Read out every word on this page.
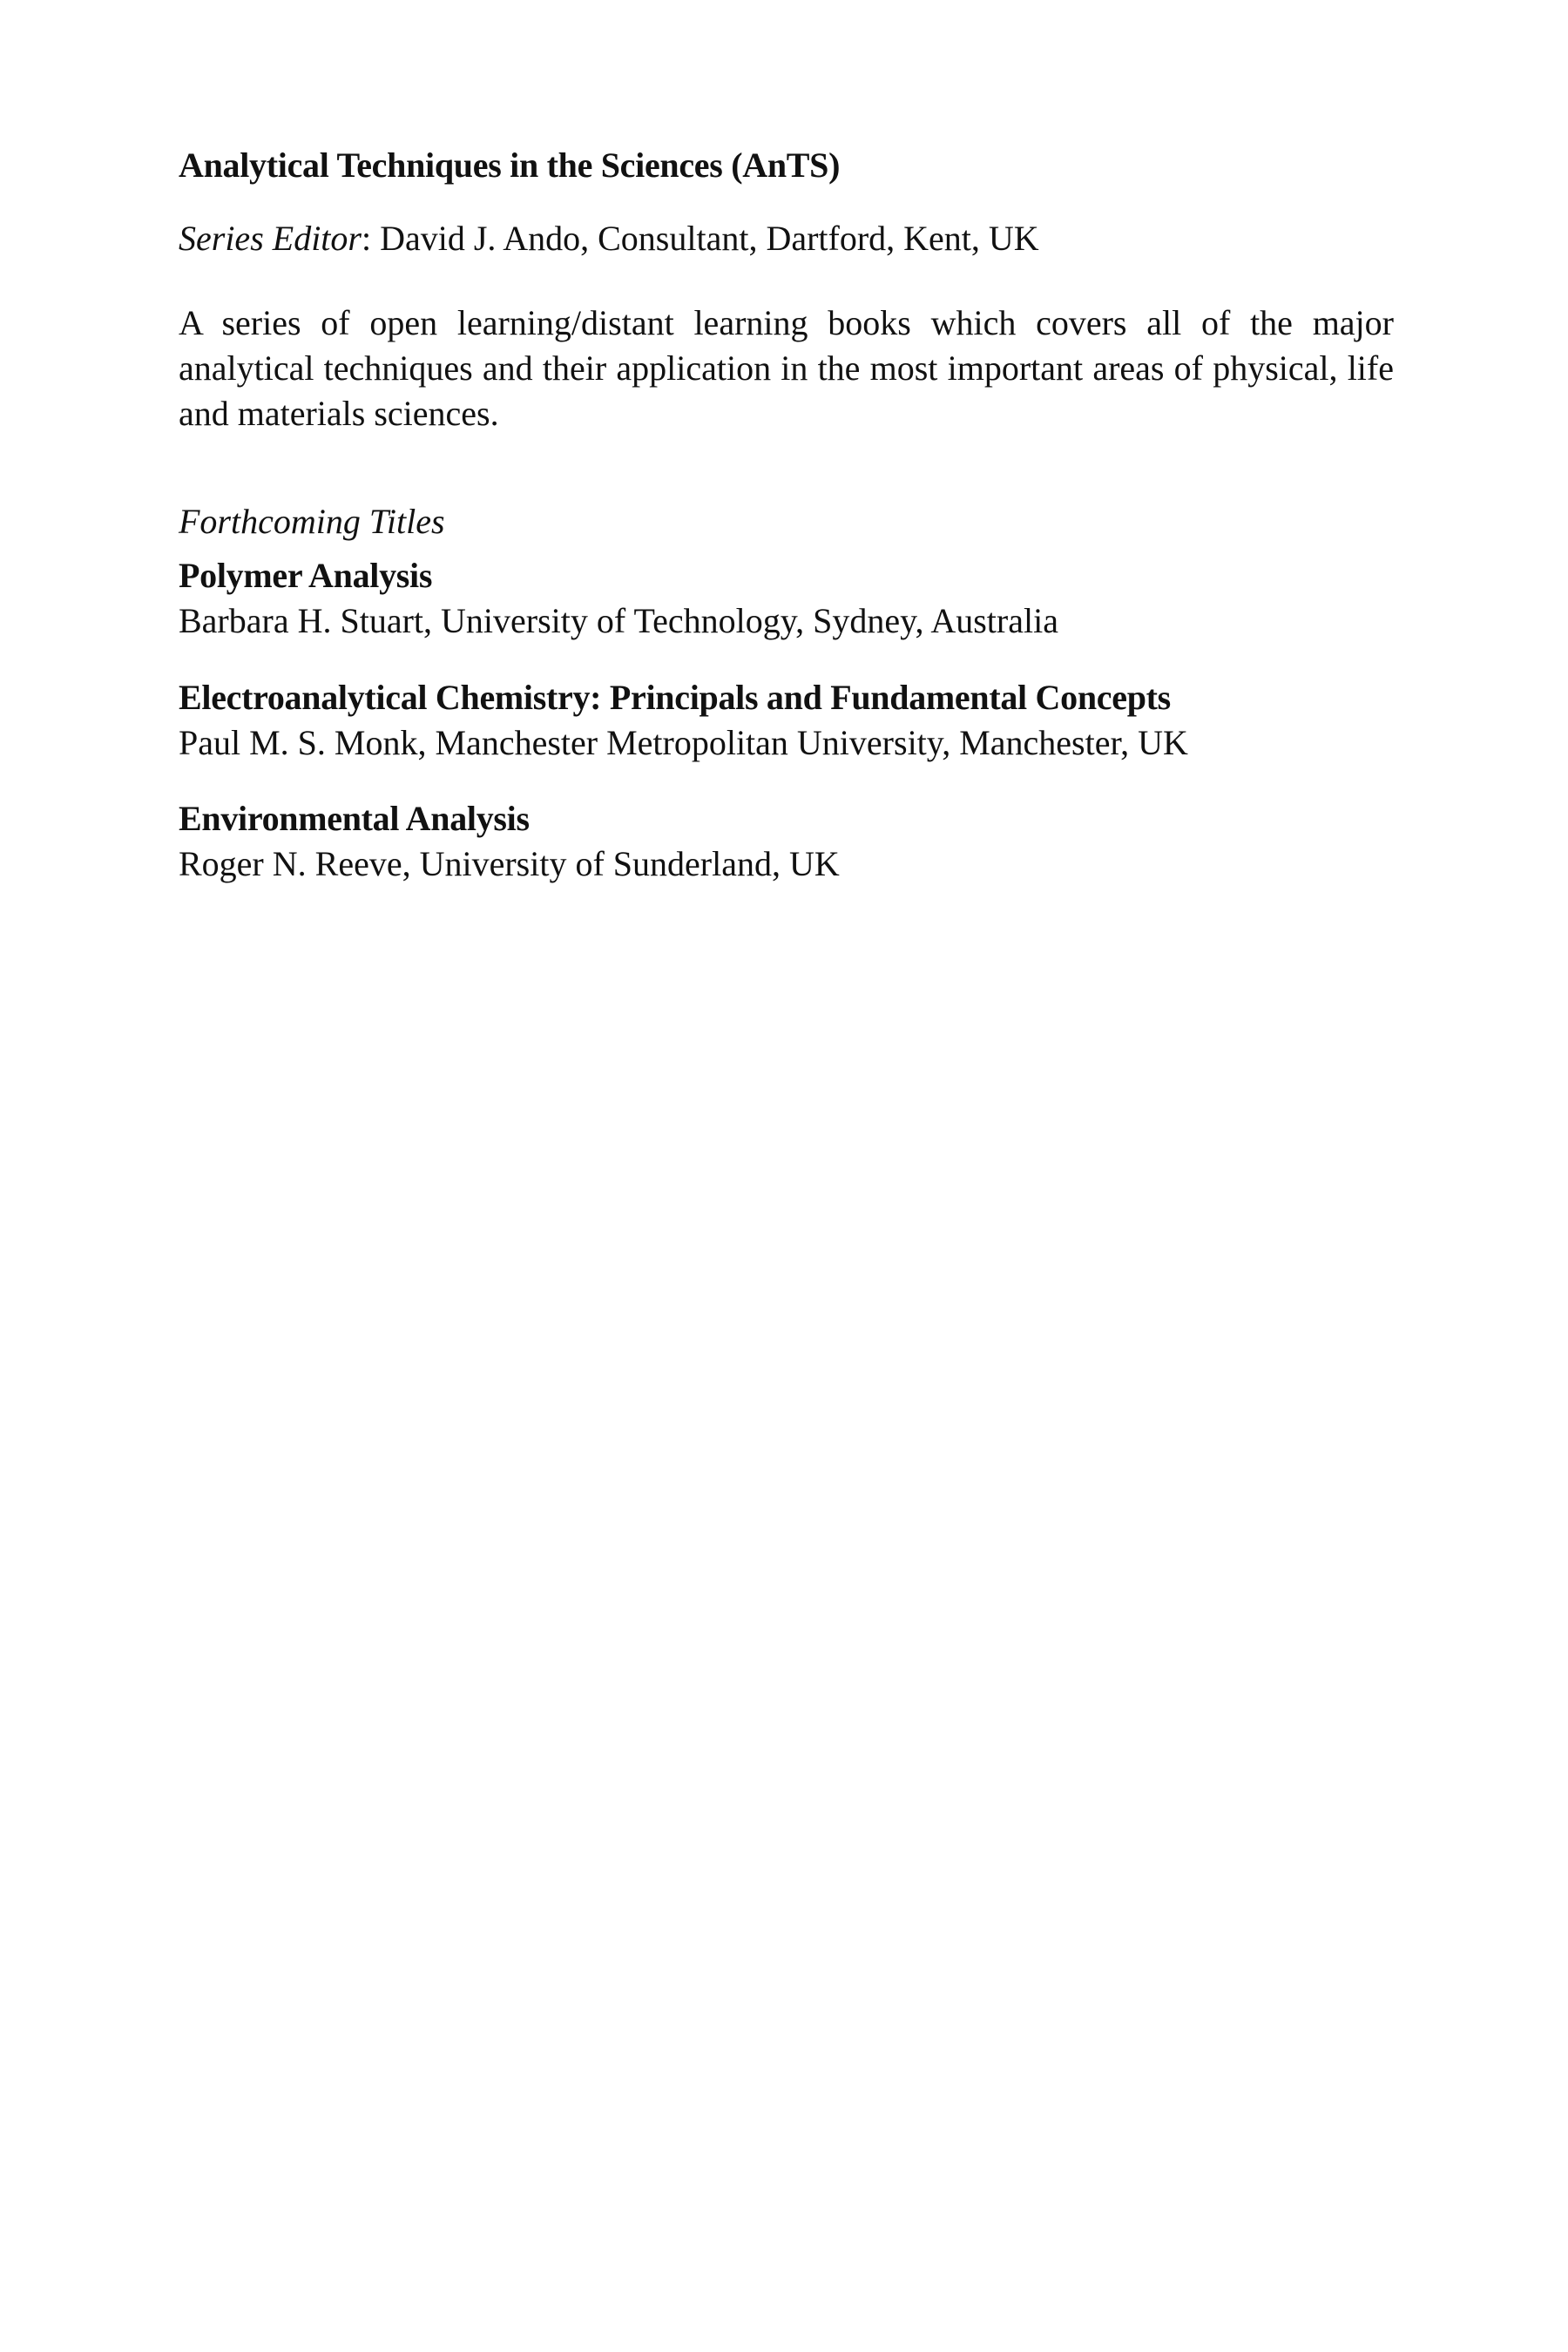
Analytical Techniques in the Sciences (AnTS)
Series Editor: David J. Ando, Consultant, Dartford, Kent, UK
A series of open learning/distant learning books which covers all of the major analytical techniques and their application in the most important areas of physical, life and materials sciences.
Forthcoming Titles
Polymer Analysis
Barbara H. Stuart, University of Technology, Sydney, Australia
Electroanalytical Chemistry: Principals and Fundamental Concepts
Paul M. S. Monk, Manchester Metropolitan University, Manchester, UK
Environmental Analysis
Roger N. Reeve, University of Sunderland, UK
